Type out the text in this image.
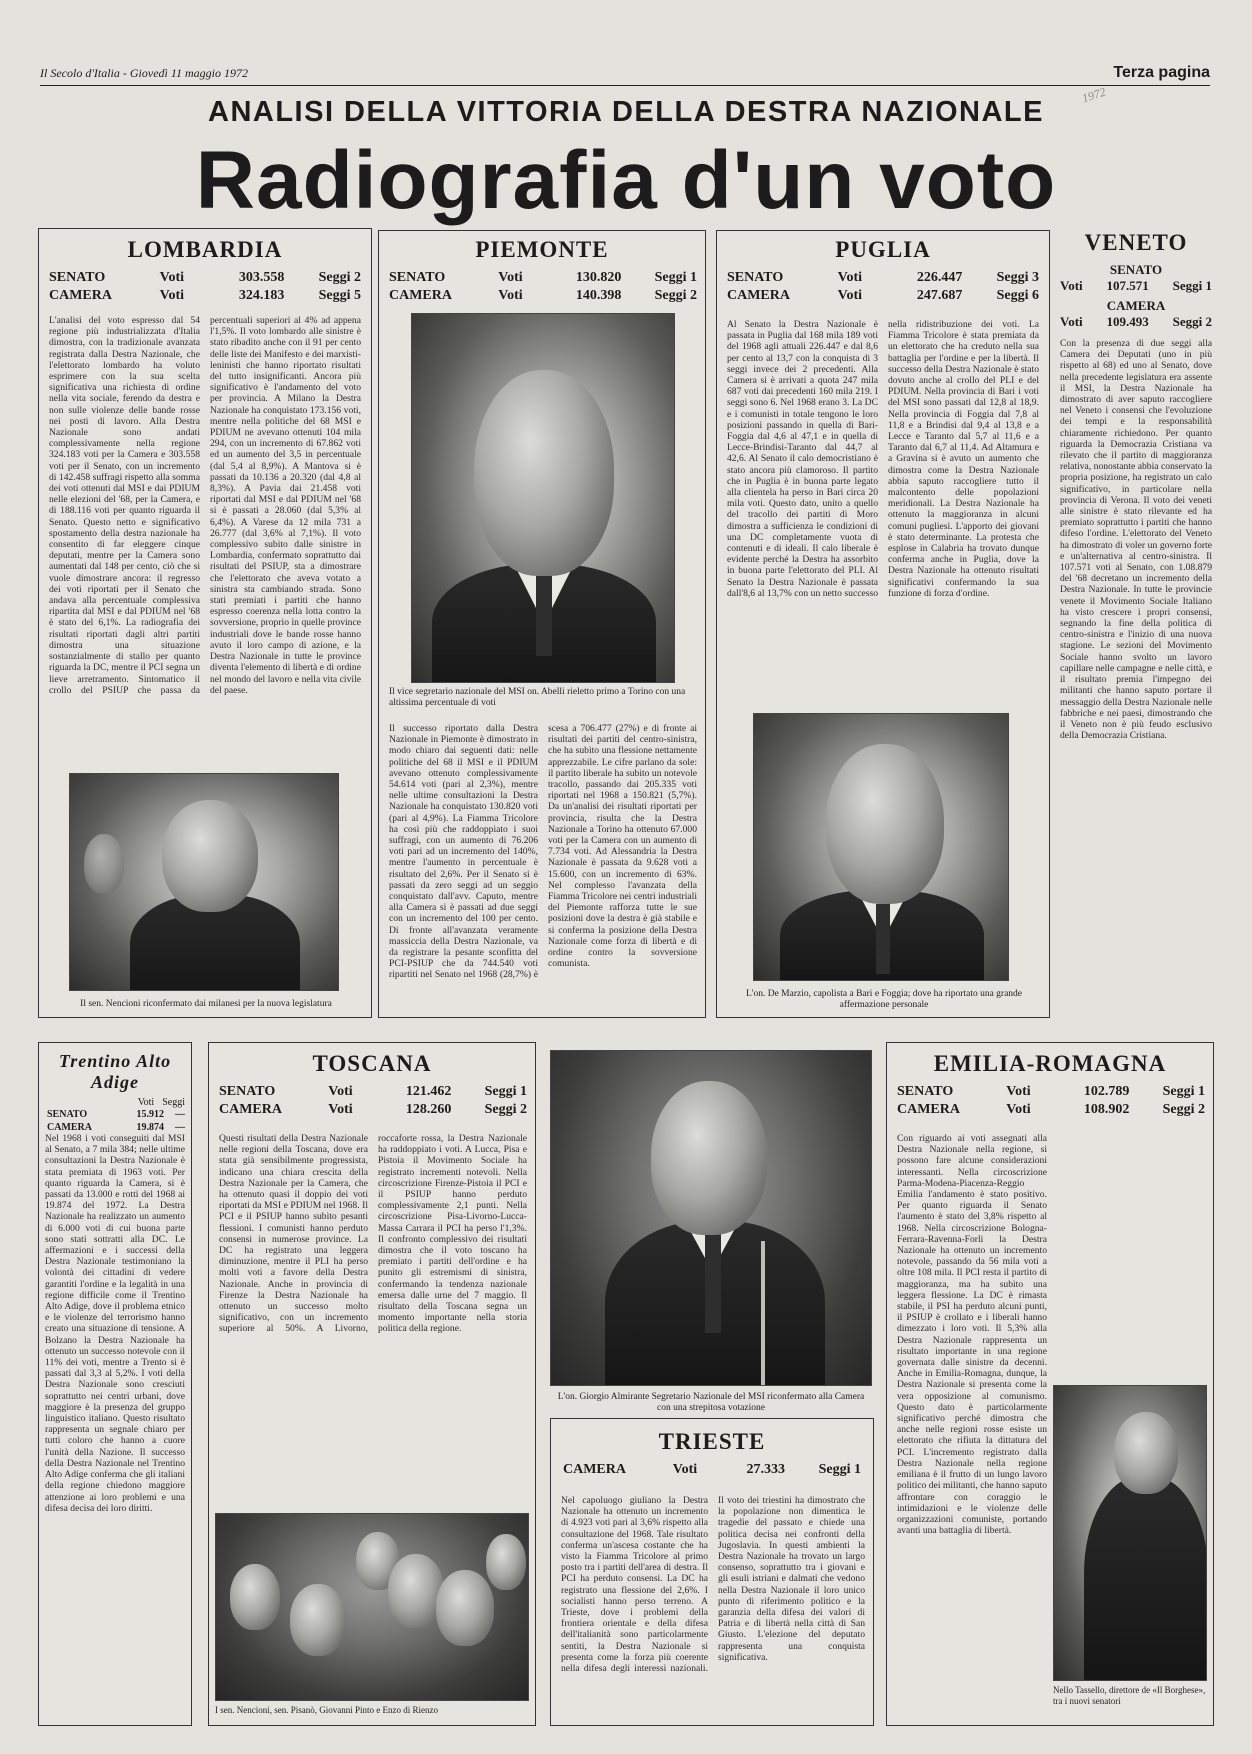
Il Secolo d'Italia - Giovedì 11 maggio 1972	Terza pagina
1972
ANALISI DELLA VITTORIA DELLA DESTRA NAZIONALE
Radiografia d'un voto
LOMBARDIA
SENATO	Voti	303.558	Seggi 2
CAMERA	Voti	324.183	Seggi 5
L'analisi del voto espresso dal 54 regione più industrializzata d'Italia dimostra, con la tradizionale avanzata registrata dalla Destra Nazionale, che l'elettorato lombardo ha voluto esprimere con la sua scelta significativa una richiesta di ordine nella vita sociale, ferendo da destra e non sulle violenze delle bande rosse nei posti di lavoro. Alla Destra Nazionale sono andati complessivamente nella regione 324.183 voti per la Camera e 303.558 voti per il Senato, con un incremento di 142.458 suffragi rispetto alla somma dei voti ottenuti dal MSI e dai PDIUM nelle elezioni del '68, per la Camera, e di 188.116 voti per quanto riguarda il Senato. Questo netto e significativo spostamento della destra nazionale ha consentito di far eleggere cinque deputati, mentre per la Camera sono aumentati dal 148 per cento, ciò che si vuole dimostrare ancora: il regresso dei voti riportati per il Senato che andava alla percentuale complessiva ripartita dal MSI e dal PDIUM nel '68 è stato del 6,1%. La radiografia dei risultati riportati dagli altri partiti dimostra una situazione sostanzialmente di stallo per quanto riguarda la DC, mentre il PCI segna un lieve arretramento. Sintomatico il crollo del PSIUP che passa da percentuali superiori al 4% ad appena l'1,5%. Il voto lombardo alle sinistre è stato ribadito anche con il 91 per cento delle liste dei Manifesto e dei marxisti-leninisti che hanno riportato risultati del tutto insignificanti. Ancora più significativo è l'andamento del voto per provincia. A Milano la Destra Nazionale ha conquistato 173.156 voti, mentre nella politiche del 68 MSI e PDIUM ne avevano ottenuti 104 mila 294, con un incremento di 67.862 voti ed un aumento del 3,5 in percentuale (dal 5,4 al 8,9%). A Mantova si è passati da 10.136 a 20.320 (dal 4,8 al 8,3%). A Pavia dai 21.458 voti riportati dal MSI e dal PDIUM nel '68 si è passati a 28.060 (dal 5,3% al 6,4%). A Varese da 12 mila 731 a 26.777 (dal 3,6% al 7,1%). Il voto complessivo subito dalle sinistre in Lombardia, confermato soprattutto dai risultati del PSIUP, sta a dimostrare che l'elettorato che aveva votato a sinistra sta cambiando strada. Sono stati premiati i partiti che hanno espresso coerenza nella lotta contro la sovversione, proprio in quelle province industriali dove le bande rosse hanno avuto il loro campo di azione, e la Destra Nazionale in tutte le province diventa l'elemento di libertà e di ordine nel mondo del lavoro e nella vita civile del paese.
Il sen. Nencioni riconfermato dai milanesi per la nuova legislatura
PIEMONTE
SENATO	Voti	130.820	Seggi 1
CAMERA	Voti	140.398	Seggi 2
Il vice segretario nazionale del MSI on. Abelli rieletto primo a Torino con una altissima percentuale di voti
Il successo riportato dalla Destra Nazionale in Piemonte è dimostrato in modo chiaro dai seguenti dati: nelle politiche del 68 il MSI e il PDIUM avevano ottenuto complessivamente 54.614 voti (pari al 2,3%), mentre nelle ultime consultazioni la Destra Nazionale ha conquistato 130.820 voti (pari al 4,9%). La Fiamma Tricolore ha così più che raddoppiato i suoi suffragi, con un aumento di 76.206 voti pari ad un incremento del 140%, mentre l'aumento in percentuale è risultato del 2,6%. Per il Senato si è passati da zero seggi ad un seggio conquistato dall'avv. Caputo, mentre alla Camera si è passati ad due seggi con un incremento del 100 per cento. Di fronte all'avanzata veramente massiccia della Destra Nazionale, va da registrare la pesante sconfitta del PCI-PSIUP che da 744.540 voti ripartiti nel Senato nel 1968 (28,7%) è scesa a 706.477 (27%) e di fronte ai risultati dei partiti del centro-sinistra, che ha subìto una flessione nettamente apprezzabile. Le cifre parlano da sole: il partito liberale ha subìto un notevole tracollo, passando dai 205.335 voti riportati nel 1968 a 150.821 (5,7%). Da un'analisi dei risultati riportati per provincia, risulta che la Destra Nazionale a Torino ha ottenuto 67.000 voti per la Camera con un aumento di 7.734 voti. Ad Alessandria la Destra Nazionale è passata da 9.628 voti a 15.600, con un incremento di 63%. Nel complesso l'avanzata della Fiamma Tricolore nei centri industriali del Piemonte rafforza tutte le sue posizioni dove la destra è già stabile e si conferma la posizione della Destra Nazionale come forza di libertà e di ordine contro la sovversione comunista.
PUGLIA
SENATO	Voti	226.447	Seggi 3
CAMERA	Voti	247.687	Seggi 6
Al Senato la Destra Nazionale è passata in Puglia dal 168 mila 189 voti del 1968 agli attuali 226.447 e dal 8,6 per cento al 13,7 con la conquista di 3 seggi invece dei 2 precedenti. Alla Camera si è arrivati a quota 247 mila 687 voti dai precedenti 160 mila 219. I seggi sono 6. Nel 1968 erano 3. La DC e i comunisti in totale tengono le loro posizioni passando in quella di Bari-Foggia dal 4,6 al 47,1 e in quella di Lecce-Brindisi-Taranto dal 44,7 al 42,6. Al Senato il calo democristiano è stato ancora più clamoroso. Il partito che in Puglia è in buona parte legato alla clientela ha perso in Bari circa 20 mila voti. Questo dato, unito a quello del tracollo dei partiti di Moro dimostra a sufficienza le condizioni di una DC completamente vuota di contenuti e di ideali. Il calo liberale è evidente perché la Destra ha assorbito in buona parte l'elettorato del PLI. Al Senato la Destra Nazionale è passata dall'8,6 al 13,7% con un netto successo nella ridistribuzione dei voti. La Fiamma Tricolore è stata premiata da un elettorato che ha creduto nella sua battaglia per l'ordine e per la libertà. Il successo della Destra Nazionale è stato dovuto anche al crollo del PLI e del PDIUM. Nella provincia di Bari i voti del MSI sono passati dal 12,8 al 18,9. Nella provincia di Foggia dal 7,8 al 11,8 e a Brindisi dal 9,4 al 13,8 e a Lecce e Taranto dal 5,7 al 11,6 e a Taranto dal 6,7 al 11,4. Ad Altamura e a Gravina si è avuto un aumento che dimostra come la Destra Nazionale abbia saputo raccogliere tutto il malcontento delle popolazioni meridionali. La Destra Nazionale ha ottenuto la maggioranza in alcuni comuni pugliesi. L'apporto dei giovani è stato determinante. La protesta che esplose in Calabria ha trovato dunque conferma anche in Puglia, dove la Destra Nazionale ha ottenuto risultati significativi confermando la sua funzione di forza d'ordine.
L'on. De Marzio, capolista a Bari e Foggia; dove ha riportato una grande affermazione personale
VENETO
SENATO
Voti 107.571 Seggi 1
CAMERA
Voti 109.493 Seggi 2
Con la presenza di due seggi alla Camera dei Deputati (uno in più rispetto al 68) ed uno al Senato, dove nella precedente legislatura era assente il MSI, la Destra Nazionale ha dimostrato di aver saputo raccogliere nel Veneto i consensi che l'evoluzione dei tempi e la responsabilità chiaramente richiedono. Per quanto riguarda la Democrazia Cristiana va rilevato che il partito di maggioranza relativa, nonostante abbia conservato la propria posizione, ha registrato un calo significativo, in particolare nella provincia di Verona. Il voto dei veneti alle sinistre è stato rilevante ed ha premiato soprattutto i partiti che hanno difeso l'ordine. L'elettorato del Veneto ha dimostrato di voler un governo forte e un'alternativa al centro-sinistra. Il 107.571 voti al Senato, con 1.08.879 del '68 decretano un incremento della Destra Nazionale. In tutte le provincie venete il Movimento Sociale Italiano ha visto crescere i propri consensi, segnando la fine della politica di centro-sinistra e l'inizio di una nuova stagione. Le sezioni del Movimento Sociale hanno svolto un lavoro capillare nelle campagne e nelle città, e il risultato premia l'impegno dei militanti che hanno saputo portare il messaggio della Destra Nazionale nelle fabbriche e nei paesi, dimostrando che il Veneto non è più feudo esclusivo della Democrazia Cristiana.
Trentino Alto Adige
Voti Seggi
SENATO	15.912	—
CAMERA	19.874	—
Nel 1968 i voti conseguiti dal MSI al Senato, a 7 mila 384; nelle ultime consultazioni la Destra Nazionale è stata premiata di 1963 voti. Per quanto riguarda la Camera, si è passati da 13.000 e rotti del 1968 ai 19.874 del 1972. La Destra Nazionale ha realizzato un aumento di 6.000 voti di cui buona parte sono stati sottratti alla DC. Le affermazioni e i successi della Destra Nazionale testimoniano la volontà dei cittadini di vedere garantiti l'ordine e la legalità in una regione difficile come il Trentino Alto Adige, dove il problema etnico e le violenze del terrorismo hanno creato una situazione di tensione. A Bolzano la Destra Nazionale ha ottenuto un successo notevole con il 11% dei voti, mentre a Trento si è passati dal 3,3 al 5,2%. I voti della Destra Nazionale sono cresciuti soprattutto nei centri urbani, dove maggiore è la presenza del gruppo linguistico italiano. Questo risultato rappresenta un segnale chiaro per tutti coloro che hanno a cuore l'unità della Nazione. Il successo della Destra Nazionale nel Trentino Alto Adige conferma che gli italiani della regione chiedono maggiore attenzione ai loro problemi e una difesa decisa dei loro diritti.
TOSCANA
SENATO	Voti	121.462	Seggi 1
CAMERA	Voti	128.260	Seggi 2
Questi risultati della Destra Nazionale nelle regioni della Toscana, dove era stata già sensibilmente progressista, indicano una chiara crescita della Destra Nazionale per la Camera, che ha ottenuto quasi il doppio dei voti riportati da MSI e PDIUM nel 1968. Il PCI e il PSIUP hanno subìto pesanti flessioni. I comunisti hanno perduto consensi in numerose province. La DC ha registrato una leggera diminuzione, mentre il PLI ha perso molti voti a favore della Destra Nazionale. Anche in provincia di Firenze la Destra Nazionale ha ottenuto un successo molto significativo, con un incremento superiore al 50%. A Livorno, roccaforte rossa, la Destra Nazionale ha raddoppiato i voti. A Lucca, Pisa e Pistoia il Movimento Sociale ha registrato incrementi notevoli. Nella circoscrizione Firenze-Pistoia il PCI e il PSIUP hanno perduto complessivamente 2,1 punti. Nella circoscrizione Pisa-Livorno-Lucca-Massa Carrara il PCI ha perso l'1,3%. Il confronto complessivo dei risultati dimostra che il voto toscano ha premiato i partiti dell'ordine e ha punito gli estremismi di sinistra, confermando la tendenza nazionale emersa dalle urne del 7 maggio. Il risultato della Toscana segna un momento importante nella storia politica della regione.
I sen. Nencioni, sen. Pisanò, Giovanni Pinto e Enzo di Rienzo
L'on. Giorgio Almirante Segretario Nazionale del MSI riconfermato alla Camera con una strepitosa votazione
TRIESTE
CAMERA	Voti	27.333	Seggi 1
Nel capoluogo giuliano la Destra Nazionale ha ottenuto un incremento di 4.923 voti pari al 3,6% rispetto alla consultazione del 1968. Tale risultato conferma un'ascesa costante che ha visto la Fiamma Tricolore al primo posto tra i partiti dell'area di destra. Il PCI ha perduto consensi. La DC ha registrato una flessione del 2,6%. I socialisti hanno perso terreno. A Trieste, dove i problemi della frontiera orientale e della difesa dell'italianità sono particolarmente sentiti, la Destra Nazionale si presenta come la forza più coerente nella difesa degli interessi nazionali. Il voto dei triestini ha dimostrato che la popolazione non dimentica le tragedie del passato e chiede una politica decisa nei confronti della Jugoslavia. In questi ambienti la Destra Nazionale ha trovato un largo consenso, soprattutto tra i giovani e gli esuli istriani e dalmati che vedono nella Destra Nazionale il loro unico punto di riferimento politico e la garanzia della difesa dei valori di Patria e di libertà nella città di San Giusto. L'elezione del deputato rappresenta una conquista significativa.
EMILIA-ROMAGNA
SENATO	Voti	102.789	Seggi 1
CAMERA	Voti	108.902	Seggi 2
Con riguardo ai voti assegnati alla Destra Nazionale nella regione, si possono fare alcune considerazioni interessanti. Nella circoscrizione Parma-Modena-Piacenza-Reggio Emilia l'andamento è stato positivo. Per quanto riguarda il Senato l'aumento è stato del 3,8% rispetto al 1968. Nella circoscrizione Bologna-Ferrara-Ravenna-Forlì la Destra Nazionale ha ottenuto un incremento notevole, passando da 56 mila voti a oltre 108 mila. Il PCI resta il partito di maggioranza, ma ha subìto una leggera flessione. La DC è rimasta stabile, il PSI ha perduto alcuni punti, il PSIUP è crollato e i liberali hanno dimezzato i loro voti. Il 5,3% alla Destra Nazionale rappresenta un risultato importante in una regione governata dalle sinistre da decenni. Anche in Emilia-Romagna, dunque, la Destra Nazionale si presenta come la vera opposizione al comunismo. Questo dato è particolarmente significativo perché dimostra che anche nelle regioni rosse esiste un elettorato che rifiuta la dittatura del PCI. L'incremento registrato dalla Destra Nazionale nella regione emiliana è il frutto di un lungo lavoro politico dei militanti, che hanno saputo affrontare con coraggio le intimidazioni e le violenze delle organizzazioni comuniste, portando avanti una battaglia di libertà.
Nello Tassello, direttore de «Il Borghese», tra i nuovi senatori
